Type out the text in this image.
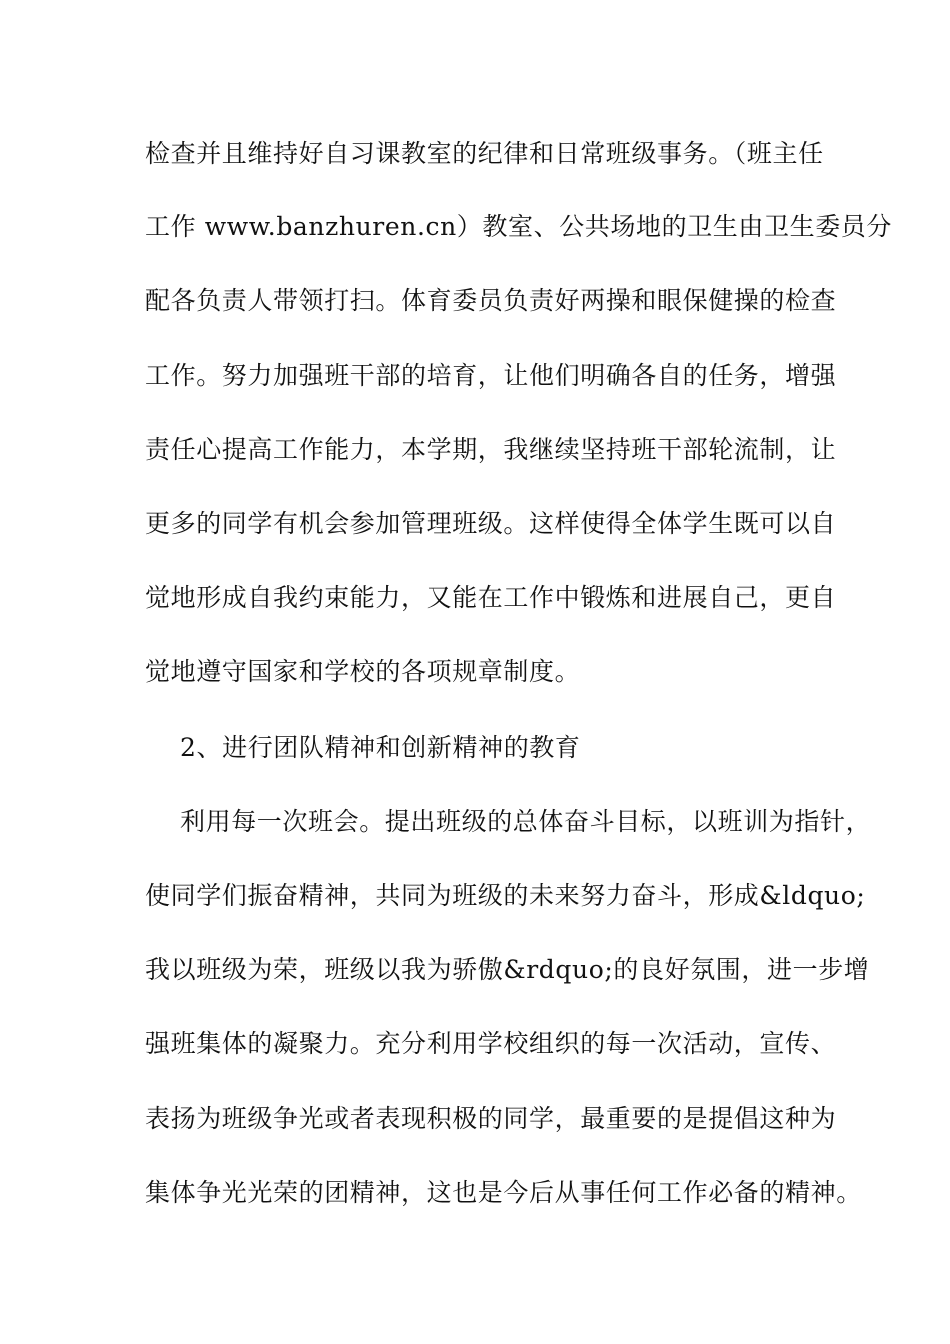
检查并且维持好自习课教室的纪律和日常班级事务。（班主任
工作 www.banzhuren.cn）教室、公共场地的卫生由卫生委员分
配各负责人带领打扫。体育委员负责好两操和眼保健操的检查
工作。努力加强班干部的培育，让他们明确各自的任务，增强
责任心提高工作能力，本学期，我继续坚持班干部轮流制，让
更多的同学有机会参加管理班级。这样使得全体学生既可以自
觉地形成自我约束能力，又能在工作中锻炼和进展自己，更自
觉地遵守国家和学校的各项规章制度。
2、进行团队精神和创新精神的教育
利用每一次班会。提出班级的总体奋斗目标，以班训为指针，
使同学们振奋精神，共同为班级的未来努力奋斗，形成&ldquo;
我以班级为荣，班级以我为骄傲&rdquo;的良好氛围，进一步增
强班集体的凝聚力。充分利用学校组织的每一次活动，宣传、
表扬为班级争光或者表现积极的同学，最重要的是提倡这种为
集体争光光荣的团精神，这也是今后从事任何工作必备的精神。
